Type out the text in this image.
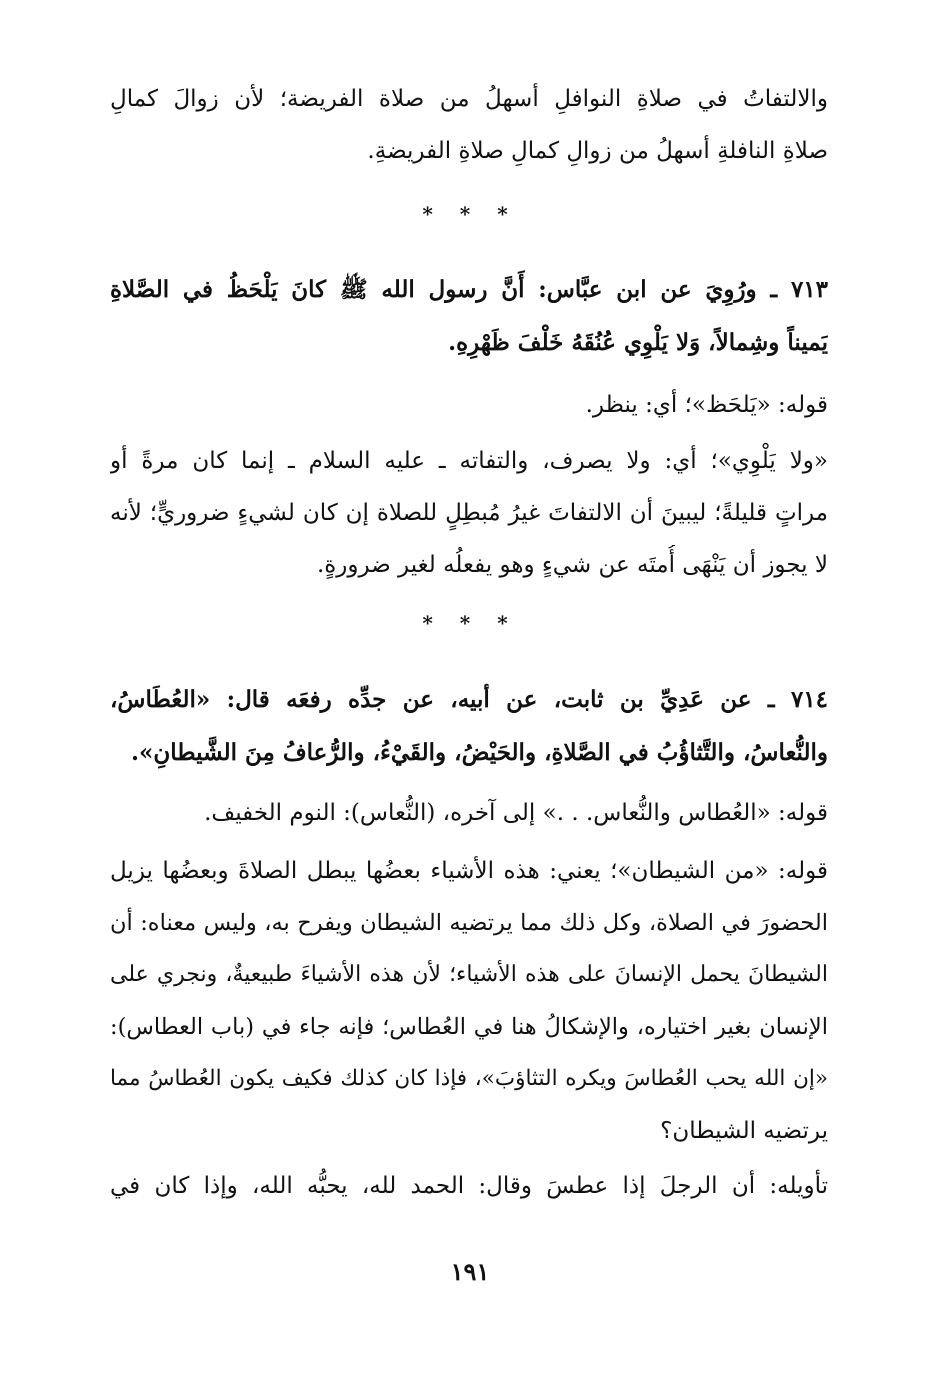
والالتفاتُ في صلاةِ النوافلِ أسهلُ من صلاة الفريضة؛ لأن زوالَ كمالِ
صلاةِ النافلةِ أسهلُ من زوالِ كمالِ صلاةِ الفريضةِ.
* * *
٧١٣ ـ ورُوِيَ عن ابن عبَّاس: أَنَّ رسول الله ﷺ كانَ يَلْحَظُ في الصَّلاةِ
يَميناً وشِمالاً، وَلا يَلْوِي عُنُقَهُ خَلْفَ ظَهْرِهِ.
قوله: «يَلحَظ»؛ أي: ينظر.
«ولا يَلْوِي»؛ أي: ولا يصرف، والتفاته ـ عليه السلام ـ إنما كان مرةً أو
مراتٍ قليلةً؛ ليبينَ أن الالتفاتَ غيرُ مُبطِلٍ للصلاة إن كان لشيءٍ ضروريٍّ؛ لأنه
لا يجوز أن يَنْهَى أُمتَه عن شيءٍ وهو يفعلُه لغير ضرورةٍ.
* * *
٧١٤ ـ عن عَدِيِّ بن ثابت، عن أبيه، عن جدِّه رفعَه قال: «العُطَاسُ،
والنُّعاسُ، والتَّثاؤُبُ في الصَّلاةِ، والحَيْضُ، والقَيْءُ، والرُّعافُ مِنَ الشَّيطانِ».
قوله: «العُطاس والنُّعاس. . .» إلى آخره، (النُّعاس): النوم الخفيف.
قوله: «من الشيطان»؛ يعني: هذه الأشياء بعضُها يبطل الصلاةَ وبعضُها يزيل
الحضورَ في الصلاة، وكل ذلك مما يرتضيه الشيطان ويفرح به، وليس معناه: أن
الشيطانَ يحمل الإنسانَ على هذه الأشياء؛ لأن هذه الأشياءَ طبيعيةٌ، ونجري على
الإنسان بغير اختياره، والإشكالُ هنا في العُطاس؛ فإنه جاء في (باب العطاس):
«إن الله يحب العُطاسَ ويكره التثاؤبَ»، فإذا كان كذلك فكيف يكون العُطاسُ مما
يرتضيه الشيطان؟
تأويله: أن الرجلَ إذا عطسَ وقال: الحمد لله، يحبُّه الله، وإذا كان في
١٩١
